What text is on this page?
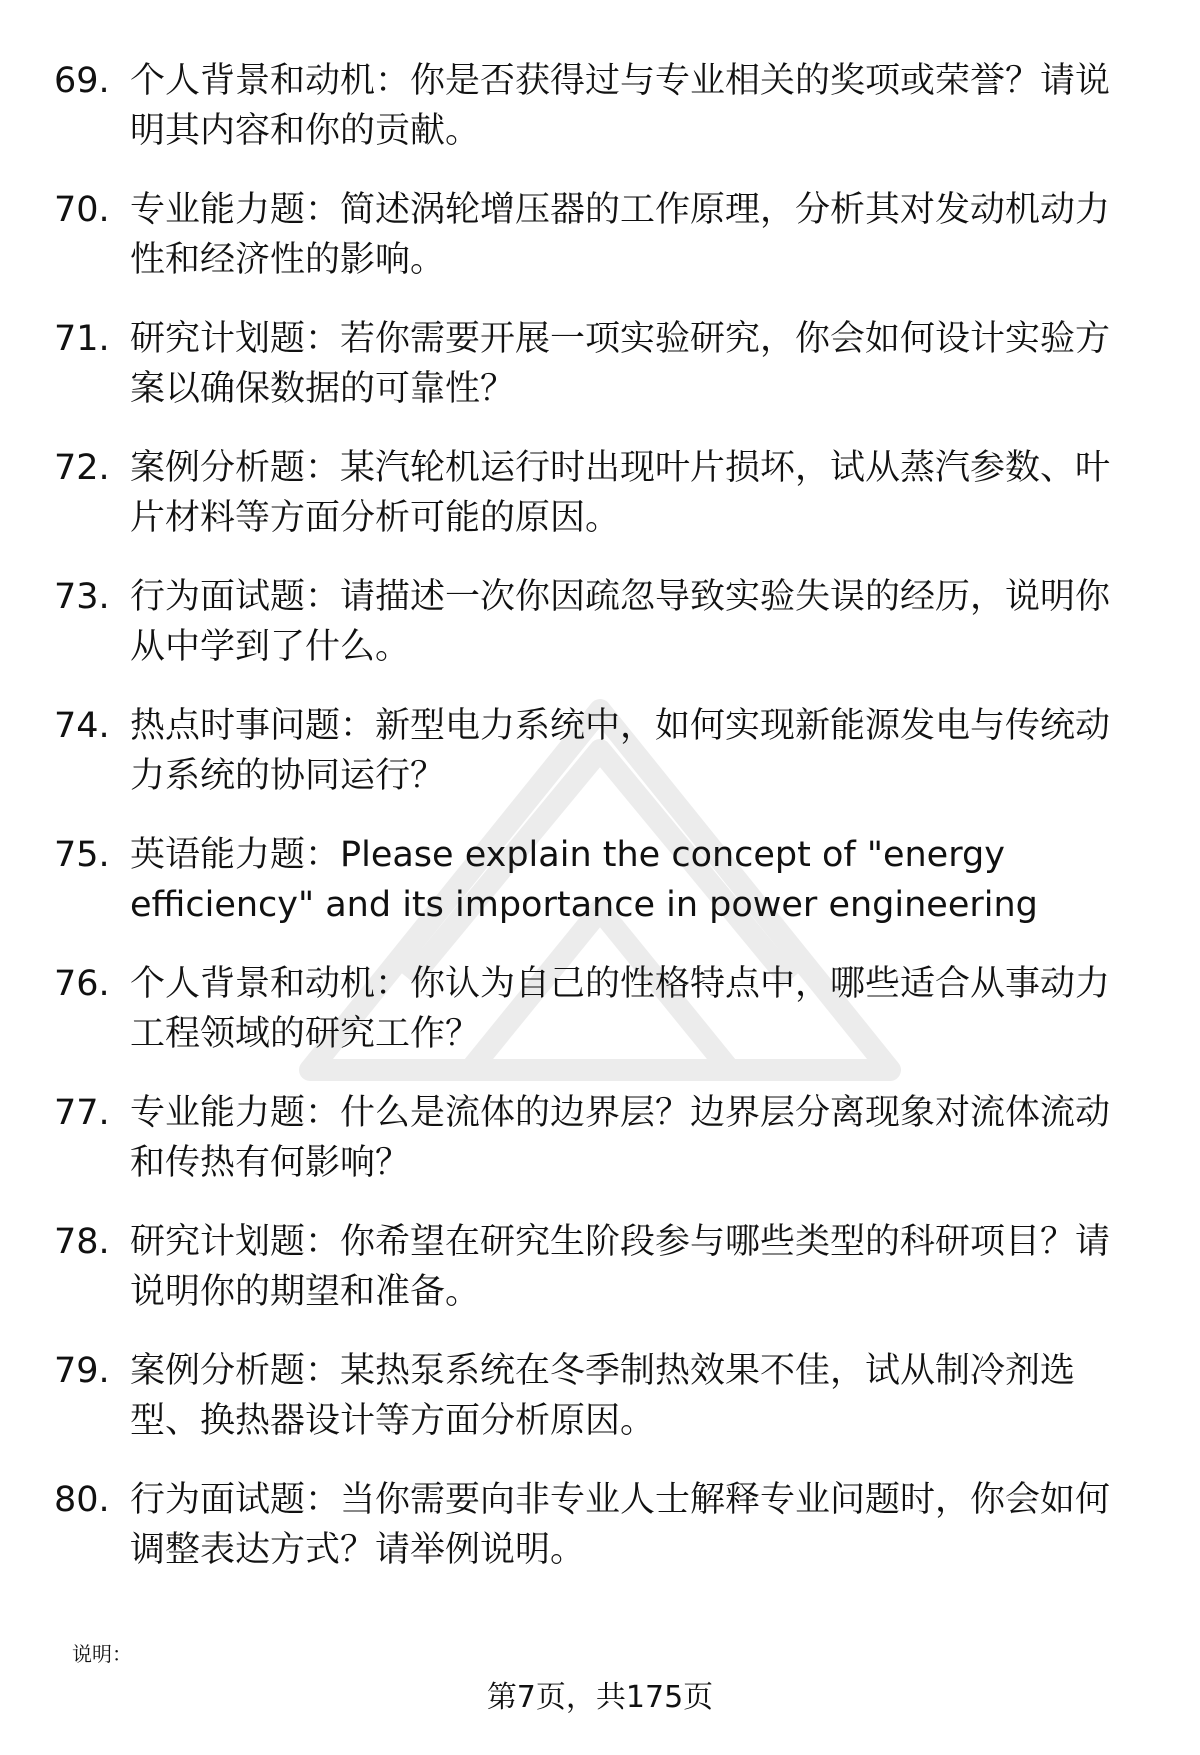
69. 个人背景和动机：你是否获得过与专业相关的奖项或荣誉？请说明其内容和你的贡献。
70. 专业能力题：简述涡轮增压器的工作原理，分析其对发动机动力性和经济性的影响。
71. 研究计划题：若你需要开展一项实验研究，你会如何设计实验方案以确保数据的可靠性？
72. 案例分析题：某汽轮机运行时出现叶片损坏，试从蒸汽参数、叶片材料等方面分析可能的原因。
73. 行为面试题：请描述一次你因疏忽导致实验失误的经历，说明你从中学到了什么。
74. 热点时事问题：新型电力系统中，如何实现新能源发电与传统动力系统的协同运行？
75. 英语能力题：Please explain the concept of "energy efficiency" and its importance in power engineering
76. 个人背景和动机：你认为自己的性格特点中，哪些适合从事动力工程领域的研究工作？
77. 专业能力题：什么是流体的边界层？边界层分离现象对流体流动和传热有何影响？
78. 研究计划题：你希望在研究生阶段参与哪些类型的科研项目？请说明你的期望和准备。
79. 案例分析题：某热泵系统在冬季制热效果不佳，试从制冷剂选型、换热器设计等方面分析原因。
80. 行为面试题：当你需要向非专业人士解释专业问题时，你会如何调整表达方式？请举例说明。
说明：
第7页，共175页
